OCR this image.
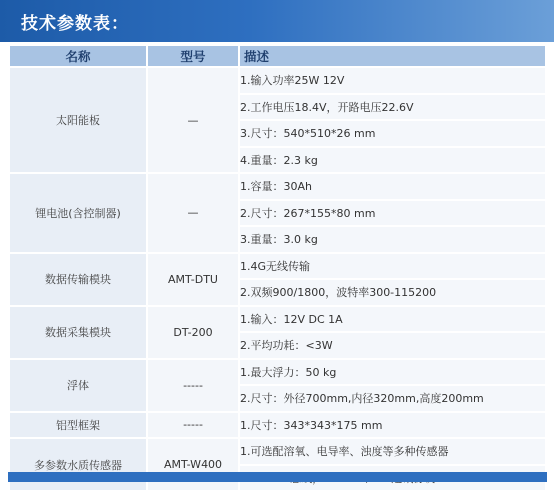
技术参数表：
名称	型号	描述
太阳能板	—	1.输入功率25W 12V
		2.工作电压18.4V，开路电压22.6V
		3.尺寸：540*510*26 mm
		4.重量：2.3 kg
锂电池(含控制器)	—	1.容量：30Ah
		2.尺寸：267*155*80 mm
		3.重量：3.0 kg
数据传输模块	AMT-DTU	1.4G无线传输
		2.双频900/1800，波特率300-115200
数据采集模块	DT-200	1.输入：12V DC 1A
		2.平均功耗：<3W
浮体	-----	1.最大浮力：50 kg
		2.尺寸：外径700mm,内径320mm,高度200mm
铝型框架	-----	1.尺寸：343*343*175 mm
多参数水质传感器	AMT-W400	1.可选配溶氧、电导率、浊度等多种传感器
